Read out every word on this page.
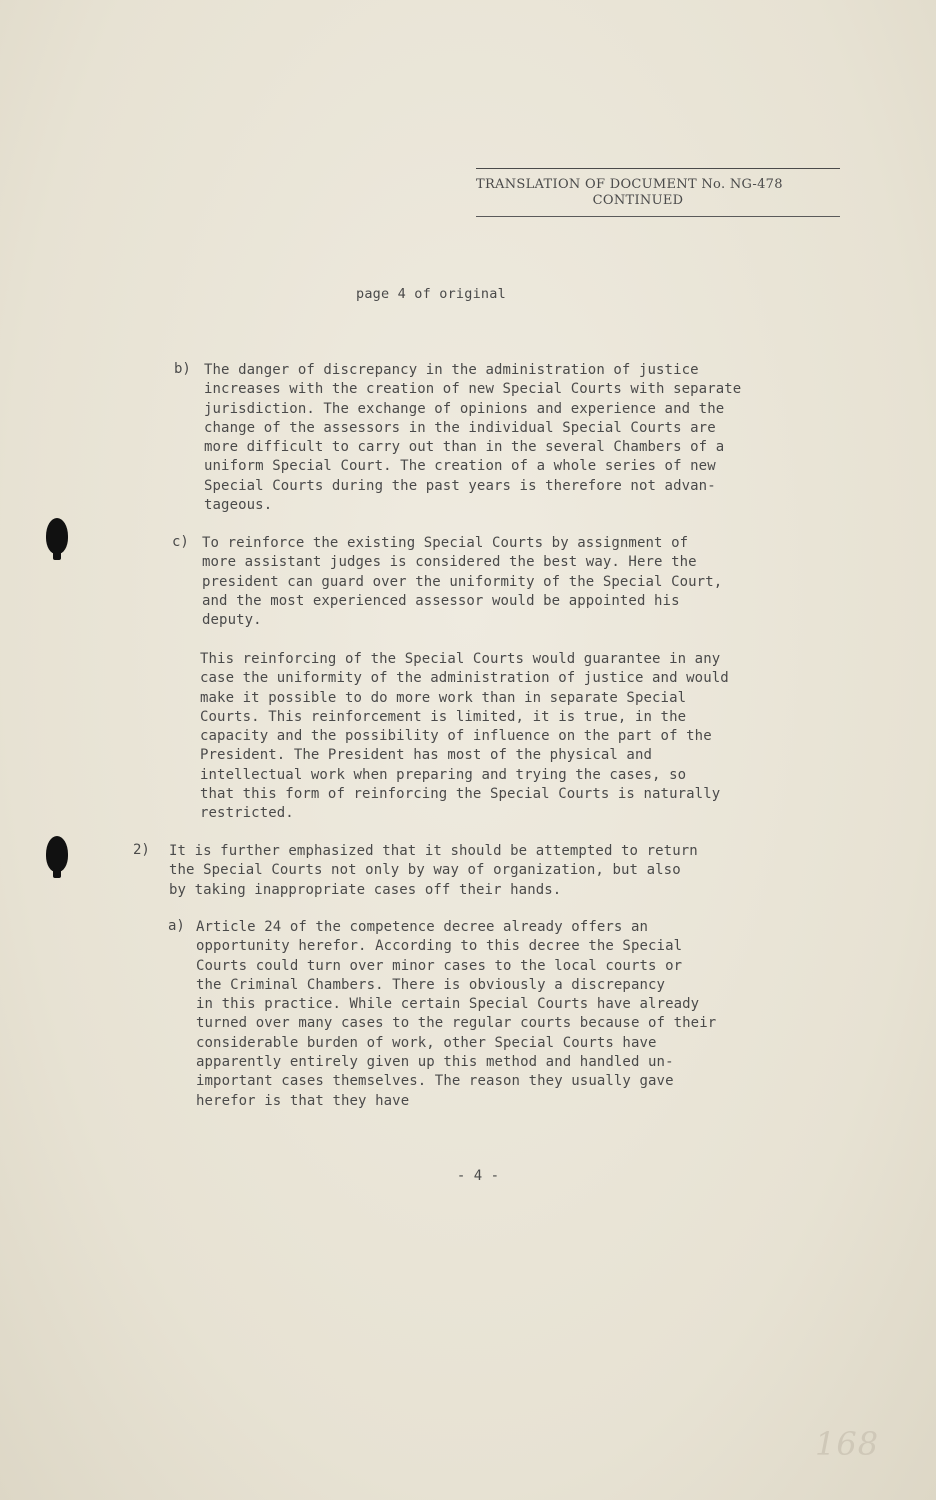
TRANSLATION OF DOCUMENT No. NG-478
CONTINUED
page 4 of original
b) The danger of discrepancy in the administration of justice
increases with the creation of new Special Courts with separate
jurisdiction. The exchange of opinions and experience and the
change of the assessors in the individual Special Courts are
more difficult to carry out than in the several Chambers of a
uniform Special Court. The creation of a whole series of new
Special Courts during the past years is therefore not advan-
tageous.
c) To reinforce the existing Special Courts by assignment of
more assistant judges is considered the best way. Here the
president can guard over the uniformity of the Special Court,
and the most experienced assessor would be appointed his
deputy.
This reinforcing of the Special Courts would guarantee in any
case the uniformity of the administration of justice and would
make it possible to do more work than in separate Special
Courts. This reinforcement is limited, it is true, in the
capacity and the possibility of influence on the part of the
President. The President has most of the physical and
intellectual work when preparing and trying the cases, so
that this form of reinforcing the Special Courts is naturally
restricted.
2) It is further emphasized that it should be attempted to return
the Special Courts not only by way of organization, but also
by taking inappropriate cases off their hands.
a) Article 24 of the competence decree already offers an
opportunity herefor. According to this decree the Special
Courts could turn over minor cases to the local courts or
the Criminal Chambers. There is obviously a discrepancy
in this practice. While certain Special Courts have already
turned over many cases to the regular courts because of their
considerable burden of work, other Special Courts have
apparently entirely given up this method and handled un-
important cases themselves. The reason they usually gave
herefor is that they have
- 4 -
168
